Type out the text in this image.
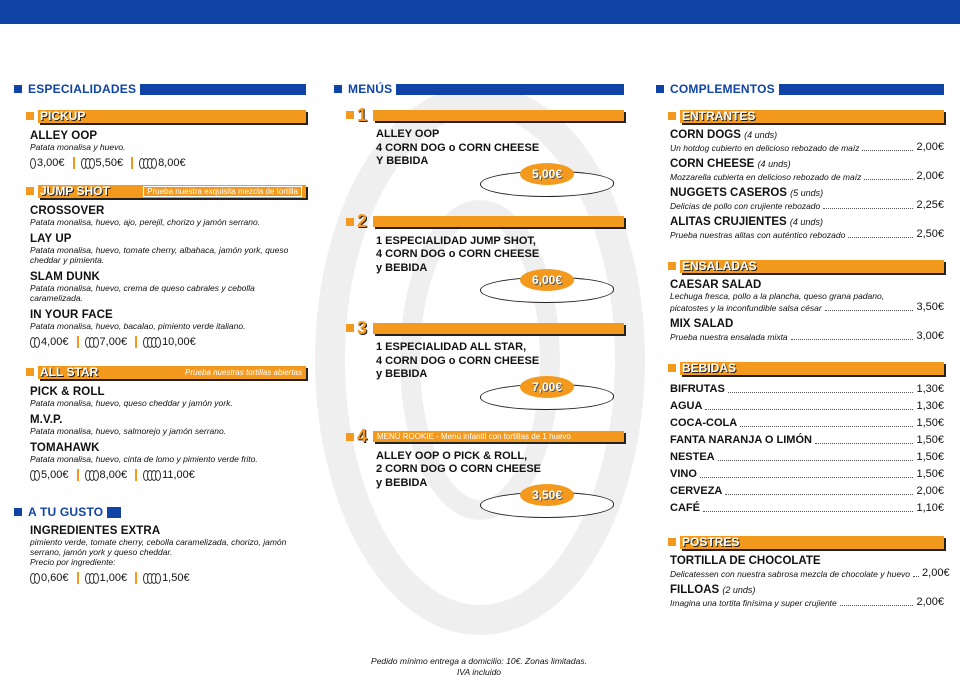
ESPECIALIDADES
PICKUP
ALLEY OOP
Patata monalisa y huevo.
3,00€	5,50€	8,00€
JUMP SHOT	Prueba nuestra exquisita mezcla de tortilla
CROSSOVER
Patata monalisa, huevo, ajo, perejil, chorizo y jamón serrano.
LAY UP
Patata monalisa, huevo, tomate cherry, albahaca, jamón york, queso cheddar y pimienta.
SLAM DUNK
Patata monalisa, huevo, crema de queso cabrales y cebolla caramelizada.
IN YOUR FACE
Patata monalisa, huevo, bacalao, pimiento verde italiano.
4,00€	7,00€	10,00€
ALL STAR	Prueba nuestras tortillas abiertas
PICK & ROLL
Patata monalisa, huevo, queso cheddar y jamón york.
M.V.P.
Patata monalisa, huevo, salmorejo y jamón serrano.
TOMAHAWK
Patata monalisa, huevo, cinta de lomo y pimiento verde frito.
5,00€	8,00€	11,00€
A TU GUSTO
INGREDIENTES EXTRA
pimiento verde, tomate cherry, cebolla caramelizada, chorizo, jamón serrano, jamón york y queso cheddar.
Precio por ingrediente:
0,60€	1,00€	1,50€
MENÚS
1
ALLEY OOP
4 CORN DOG o CORN CHEESE
Y BEBIDA
5,00€
2
1 ESPECIALIDAD JUMP SHOT,
4 CORN DOG o CORN CHEESE
y BEBIDA
6,00€
3
1 ESPECIALIDAD ALL STAR,
4 CORN DOG o CORN CHEESE
y BEBIDA
7,00€
4 MENÚ ROOKIE - Menú infantil con tortillas de 1 huevo
ALLEY OOP O PICK & ROLL,
2 CORN DOG O CORN CHEESE
y BEBIDA
3,50€
Pedido mínimo entrega a domicilio: 10€. Zonas limitadas.
IVA incluido
COMPLEMENTOS
ENTRANTES
CORN DOGS (4 unds)
Un hotdog cubierto en delicioso rebozado de maíz	2,00€
CORN CHEESE (4 unds)
Mozzarella cubierta en delicioso rebozado de maíz	2,00€
NUGGETS CASEROS (5 unds)
Delicias de pollo con crujiente rebozado	2,25€
ALITAS CRUJIENTES (4 unds)
Prueba nuestras alitas con auténtico rebozado	2,50€
ENSALADAS
CAESAR SALAD
Lechuga fresca, pollo a la plancha, queso grana padano,
picatostes y la inconfundible salsa césar	3,50€
MIX SALAD
Prueba nuestra ensalada mixta	3,00€
BEBIDAS
BIFRUTAS	1,30€
AGUA	1,30€
COCA-COLA	1,50€
FANTA NARANJA O LIMÓN	1,50€
NESTEA	1,50€
VINO	1,50€
CERVEZA	2,00€
CAFÉ	1,10€
POSTRES
TORTILLA DE CHOCOLATE
Delicatessen con nuestra sabrosa mezcla de chocolate y huevo 2,00€
FILLOAS (2 unds)
Imagina una tortita finísima y super crujiente	2,00€
